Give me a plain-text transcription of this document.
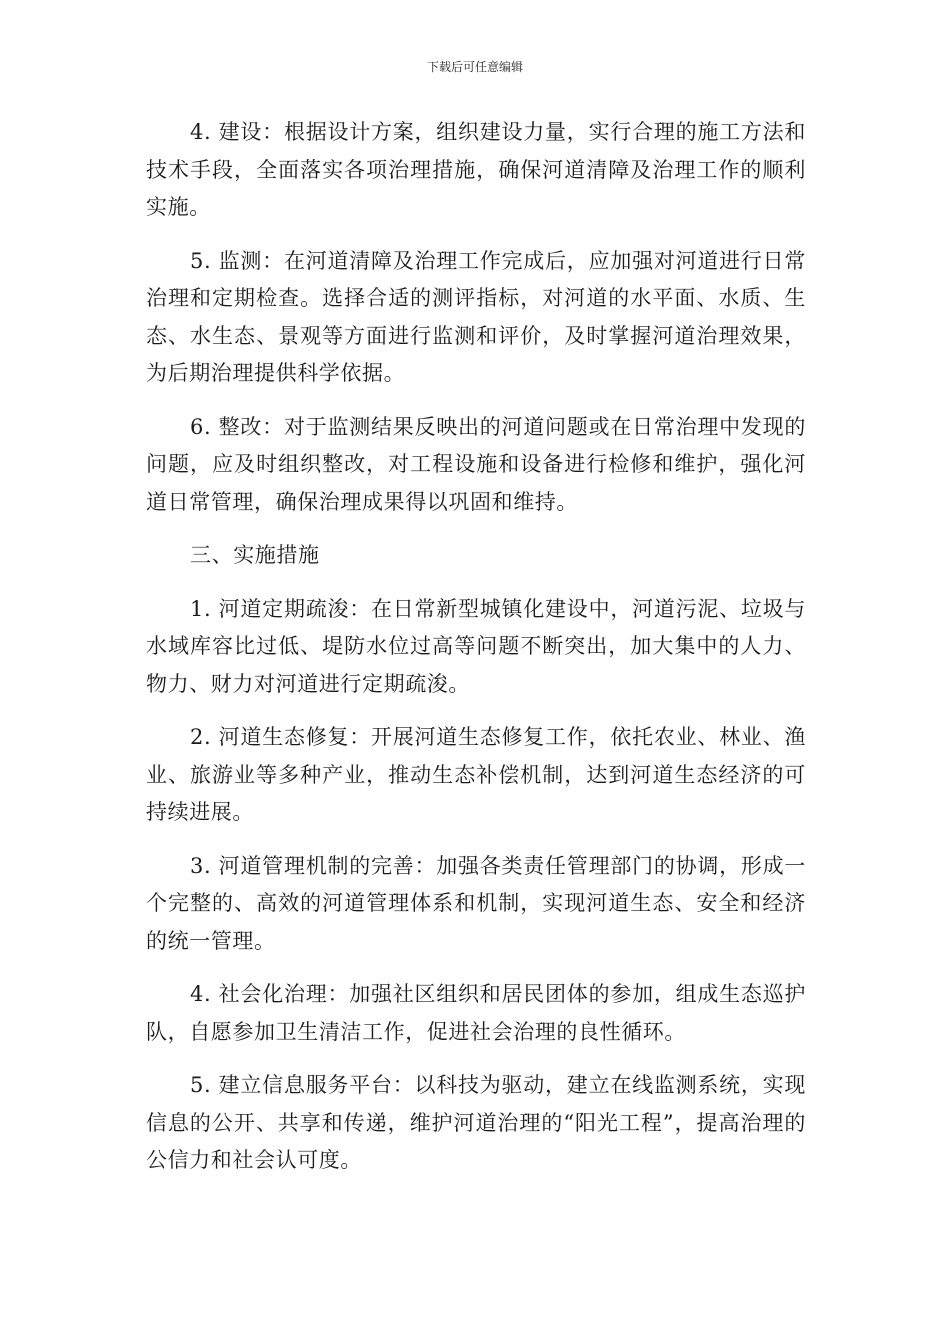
下载后可任意编辑

4. 建设：根据设计方案，组织建设力量，实行合理的施工方法和技术手段，全面落实各项治理措施，确保河道清障及治理工作的顺利实施。

5. 监测：在河道清障及治理工作完成后，应加强对河道进行日常治理和定期检查。选择合适的测评指标，对河道的水平面、水质、生态、水生态、景观等方面进行监测和评价，及时掌握河道治理效果，为后期治理提供科学依据。

6. 整改：对于监测结果反映出的河道问题或在日常治理中发现的问题，应及时组织整改，对工程设施和设备进行检修和维护，强化河道日常管理，确保治理成果得以巩固和维持。

三、实施措施

1. 河道定期疏浚：在日常新型城镇化建设中，河道污泥、垃圾与水域库容比过低、堤防水位过高等问题不断突出，加大集中的人力、物力、财力对河道进行定期疏浚。

2. 河道生态修复：开展河道生态修复工作，依托农业、林业、渔业、旅游业等多种产业，推动生态补偿机制，达到河道生态经济的可持续进展。

3. 河道管理机制的完善：加强各类责任管理部门的协调，形成一个完整的、高效的河道管理体系和机制，实现河道生态、安全和经济的统一管理。

4. 社会化治理：加强社区组织和居民团体的参加，组成生态巡护队，自愿参加卫生清洁工作，促进社会治理的良性循环。

5. 建立信息服务平台：以科技为驱动，建立在线监测系统，实现信息的公开、共享和传递，维护河道治理的“阳光工程”，提高治理的公信力和社会认可度。
